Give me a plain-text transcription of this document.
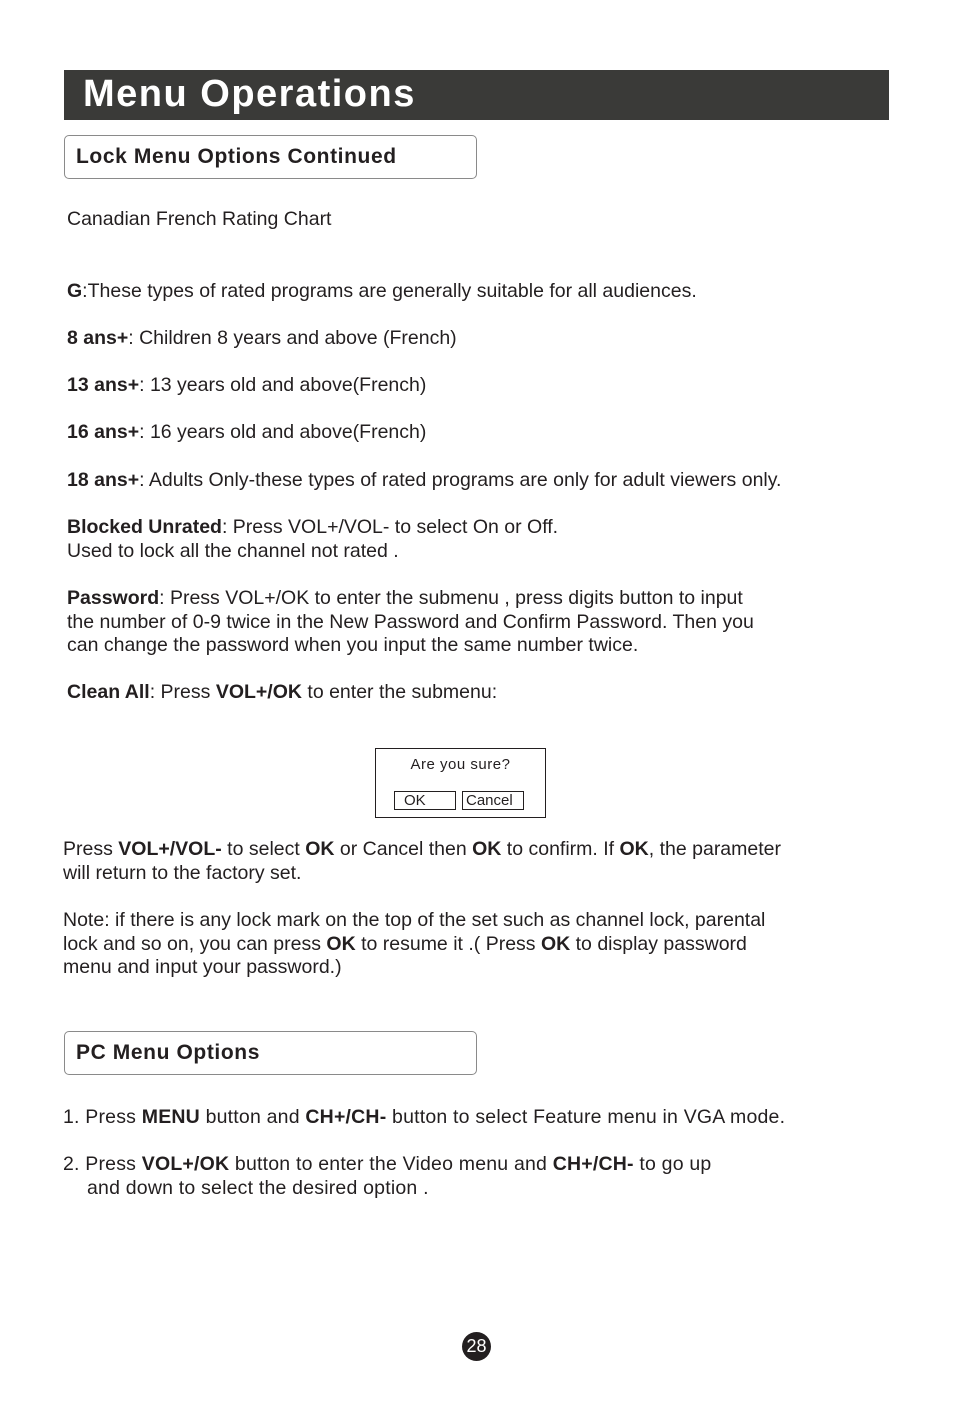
Menu Operations
Lock Menu Options Continued

Canadian French Rating Chart

G:These types of rated programs are generally suitable for all audiences.

8 ans+: Children 8 years and above (French)

13 ans+: 13 years old and above(French)

16 ans+: 16 years old and above(French)

18 ans+: Adults Only-these types of rated programs are only for adult viewers only.

Blocked Unrated: Press VOL+/VOL- to select On or Off.
Used to lock all the channel not rated .

Password: Press VOL+/OK to enter the submenu , press digits button to input
the number of 0-9 twice in the New Password and Confirm Password. Then you
can change the password when you input the same number twice.

Clean All: Press VOL+/OK to enter the submenu:

Are you sure?
OK	Cancel

Press VOL+/VOL- to select OK or Cancel then OK to confirm. If OK, the parameter
will return to the factory set.

Note: if there is any lock mark on the top of the set such as channel lock, parental
lock and so on, you can press OK to resume it .( Press OK to display password
menu and input your password.)

PC Menu Options

1. Press MENU button and CH+/CH- button to select Feature menu in VGA mode.

2. Press VOL+/OK button to enter the Video menu and CH+/CH- to go up
and down to select the desired option .

28
